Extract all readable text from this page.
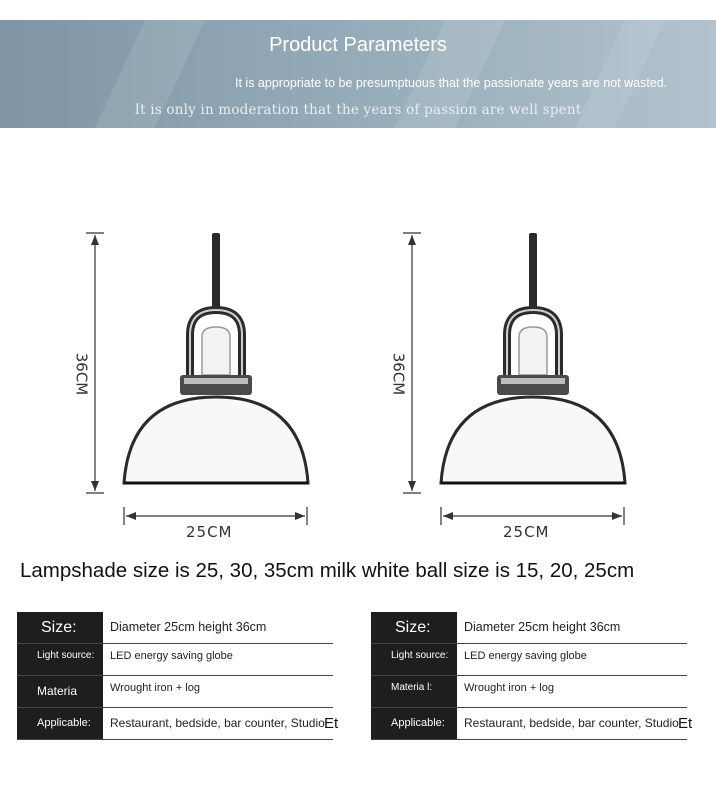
Product Parameters
It is appropriate to be presumptuous that the passionate years are not wasted.
It is only in moderation that the years of passion are well spent
36CM
25CM
36CM
25CM
Lampshade size is 25, 30, 35cm milk white ball size is 15, 20, 25cm
Size:	Diameter 25cm height 36cm
Light source:	LED energy saving globe
Materia	Wrought iron + log
Applicable:	Restaurant, bedside, bar counter, Studio Et
Size:	Diameter 25cm height 36cm
Light source:	LED energy saving globe
Materia l:	Wrought iron + log
Applicable:	Restaurant, bedside, bar counter, Studio Et
